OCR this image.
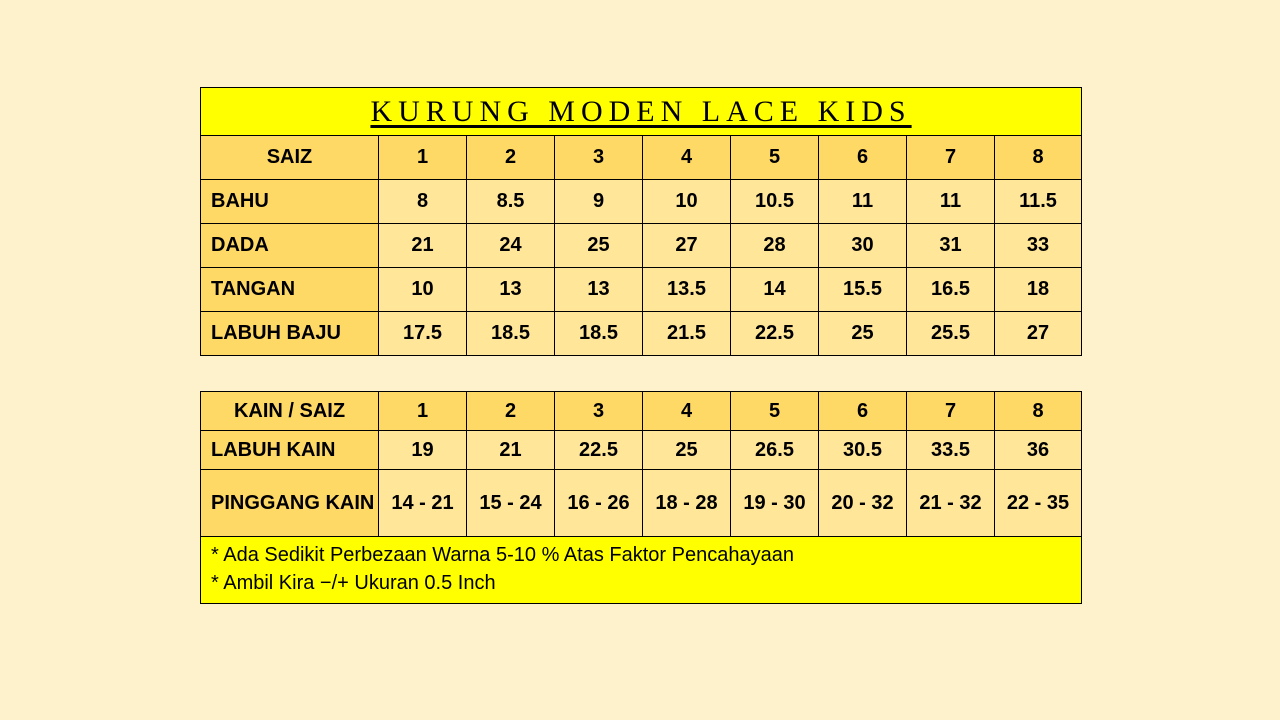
KURUNG MODEN LACE KIDS								
SAIZ	1	2	3	4	5	6	7	8
BAHU	8	8.5	9	10	10.5	11	11	11.5
DADA	21	24	25	27	28	30	31	33
TANGAN	10	13	13	13.5	14	15.5	16.5	18
LABUH BAJU	17.5	18.5	18.5	21.5	22.5	25	25.5	27
KAIN / SAIZ	1	2	3	4	5	6	7	8
LABUH KAIN	19	21	22.5	25	26.5	30.5	33.5	36
PINGGANG KAIN	14 - 21	15 - 24	16 - 26	18 - 28	19 - 30	20 - 32	21 - 32	22 - 35

* Ada Sedikit Perbezaan Warna 5-10 % Atas Faktor Pencahayaan
* Ambil Kira −/+ Ukuran 0.5 Inch								
